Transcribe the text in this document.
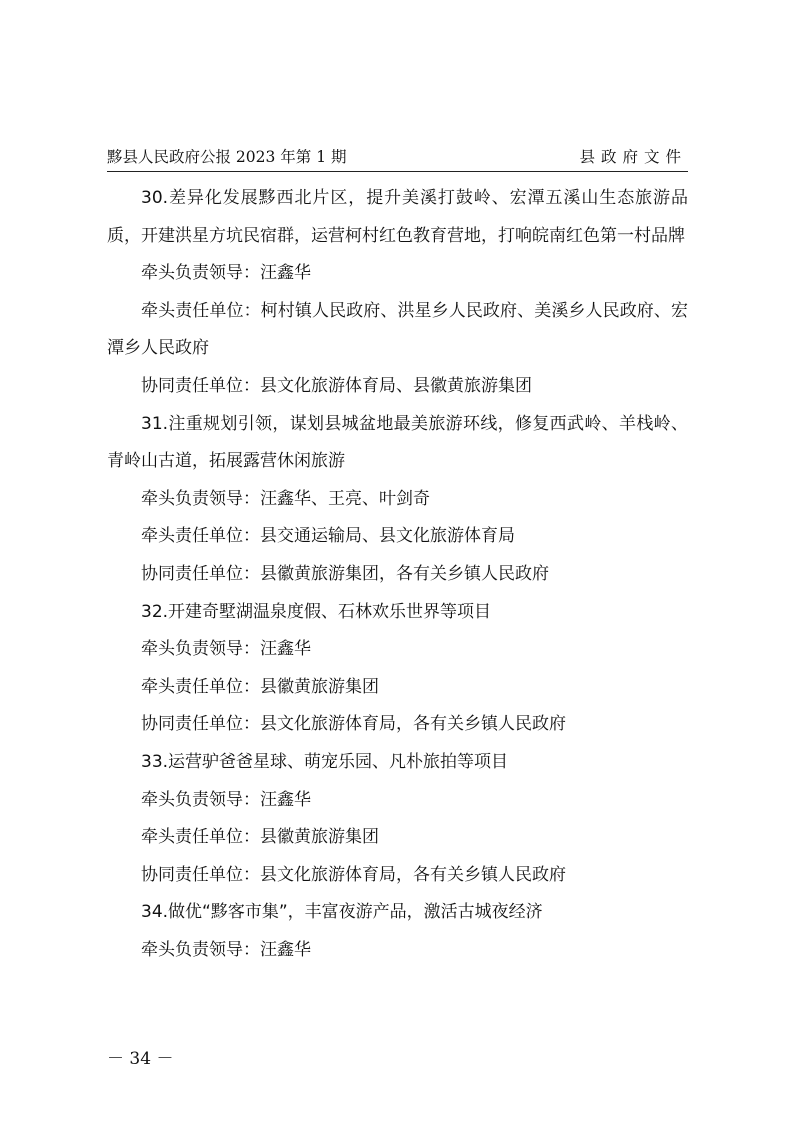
黟县人民政府公报 2023 年第 1 期	县政府文件

30.差异化发展黟西北片区，提升美溪打鼓岭、宏潭五溪山生态旅游品质，开建洪星方坑民宿群，运营柯村红色教育营地，打响皖南红色第一村品牌

牵头负责领导：汪鑫华

牵头责任单位：柯村镇人民政府、洪星乡人民政府、美溪乡人民政府、宏潭乡人民政府

协同责任单位：县文化旅游体育局、县徽黄旅游集团

31.注重规划引领，谋划县城盆地最美旅游环线，修复西武岭、羊栈岭、青岭山古道，拓展露营休闲旅游

牵头负责领导：汪鑫华、王亮、叶剑奇

牵头责任单位：县交通运输局、县文化旅游体育局

协同责任单位：县徽黄旅游集团，各有关乡镇人民政府

32.开建奇墅湖温泉度假、石林欢乐世界等项目

牵头负责领导：汪鑫华

牵头责任单位：县徽黄旅游集团

协同责任单位：县文化旅游体育局，各有关乡镇人民政府

33.运营驴爸爸星球、萌宠乐园、凡朴旅拍等项目

牵头负责领导：汪鑫华

牵头责任单位：县徽黄旅游集团

协同责任单位：县文化旅游体育局，各有关乡镇人民政府

34.做优“黟客市集”，丰富夜游产品，激活古城夜经济

牵头负责领导：汪鑫华

－ 34 －
